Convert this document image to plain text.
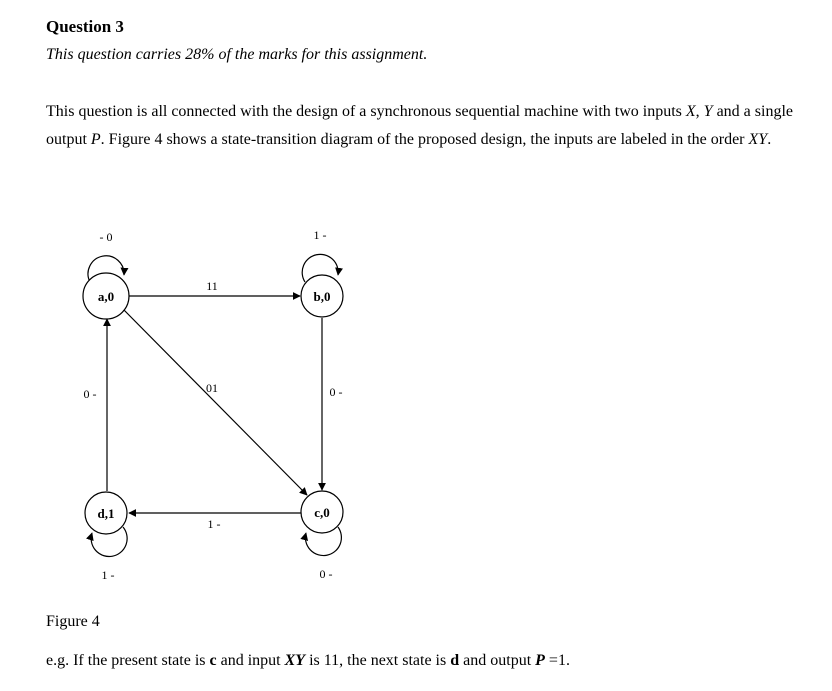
Question 3
This question carries 28% of the marks for this assignment.
This question is all connected with the design of a synchronous sequential machine with two inputs X, Y and a single output P. Figure 4 shows a state-transition diagram of the proposed design, the inputs are labeled in the order XY.
a,0	b,0
c,0
d,1
- 0	1 -
0 -
1 -
11
01	0 -
0 -
1 -
Figure 4
e.g. If the present state is c and input XY is 11, the next state is d and output P =1.
